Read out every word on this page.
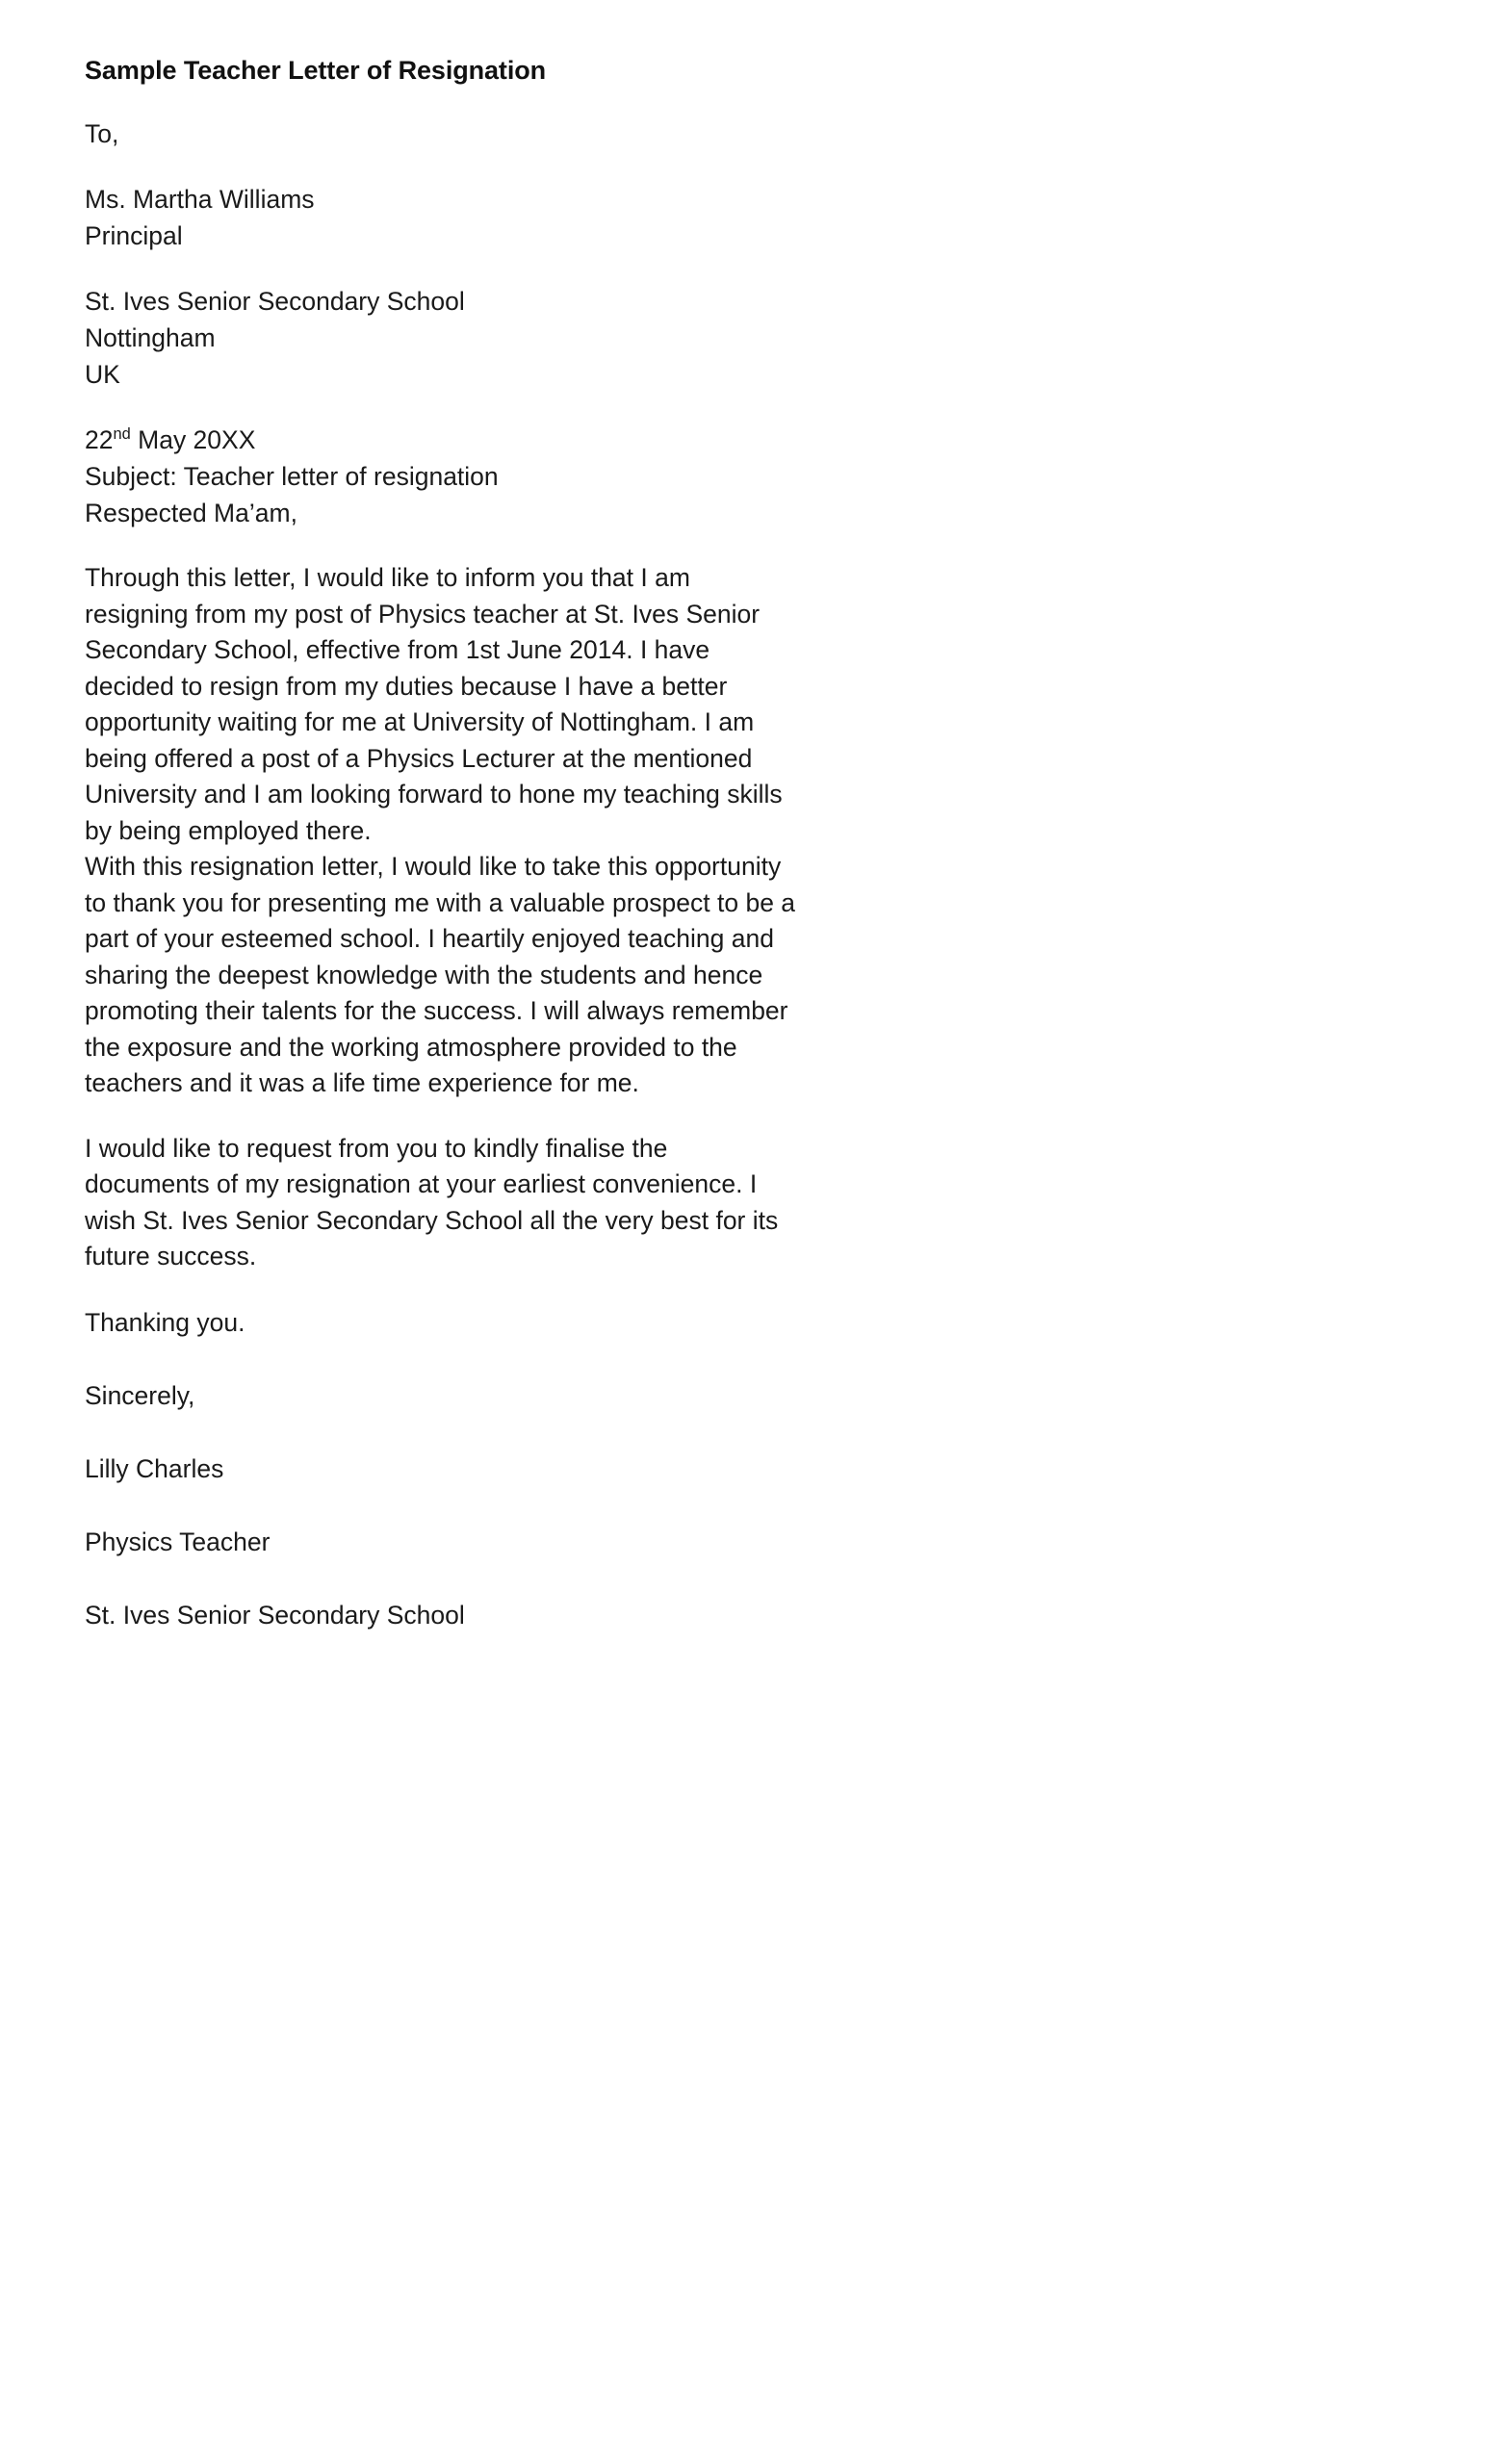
Sample Teacher Letter of Resignation

To,

Ms. Martha Williams

Principal

St. Ives Senior Secondary School

Nottingham

UK

22nd May 20XX

Subject: Teacher letter of resignation

Respected Ma’am,

Through this letter, I would like to inform you that I am resigning from my post of Physics teacher at St. Ives Senior Secondary School, effective from 1st June 2014. I have decided to resign from my duties because I have a better opportunity waiting for me at University of Nottingham. I am being offered a post of a Physics Lecturer at the mentioned University and I am looking forward to hone my teaching skills by being employed there.

With this resignation letter, I would like to take this opportunity to thank you for presenting me with a valuable prospect to be a part of your esteemed school. I heartily enjoyed teaching and sharing the deepest knowledge with the students and hence promoting their talents for the success. I will always remember the exposure and the working atmosphere provided to the teachers and it was a life time experience for me.

I would like to request from you to kindly finalise the documents of my resignation at your earliest convenience. I wish St. Ives Senior Secondary School all the very best for its future success.

Thanking you.

Sincerely,

Lilly Charles

Physics Teacher

St. Ives Senior Secondary School
